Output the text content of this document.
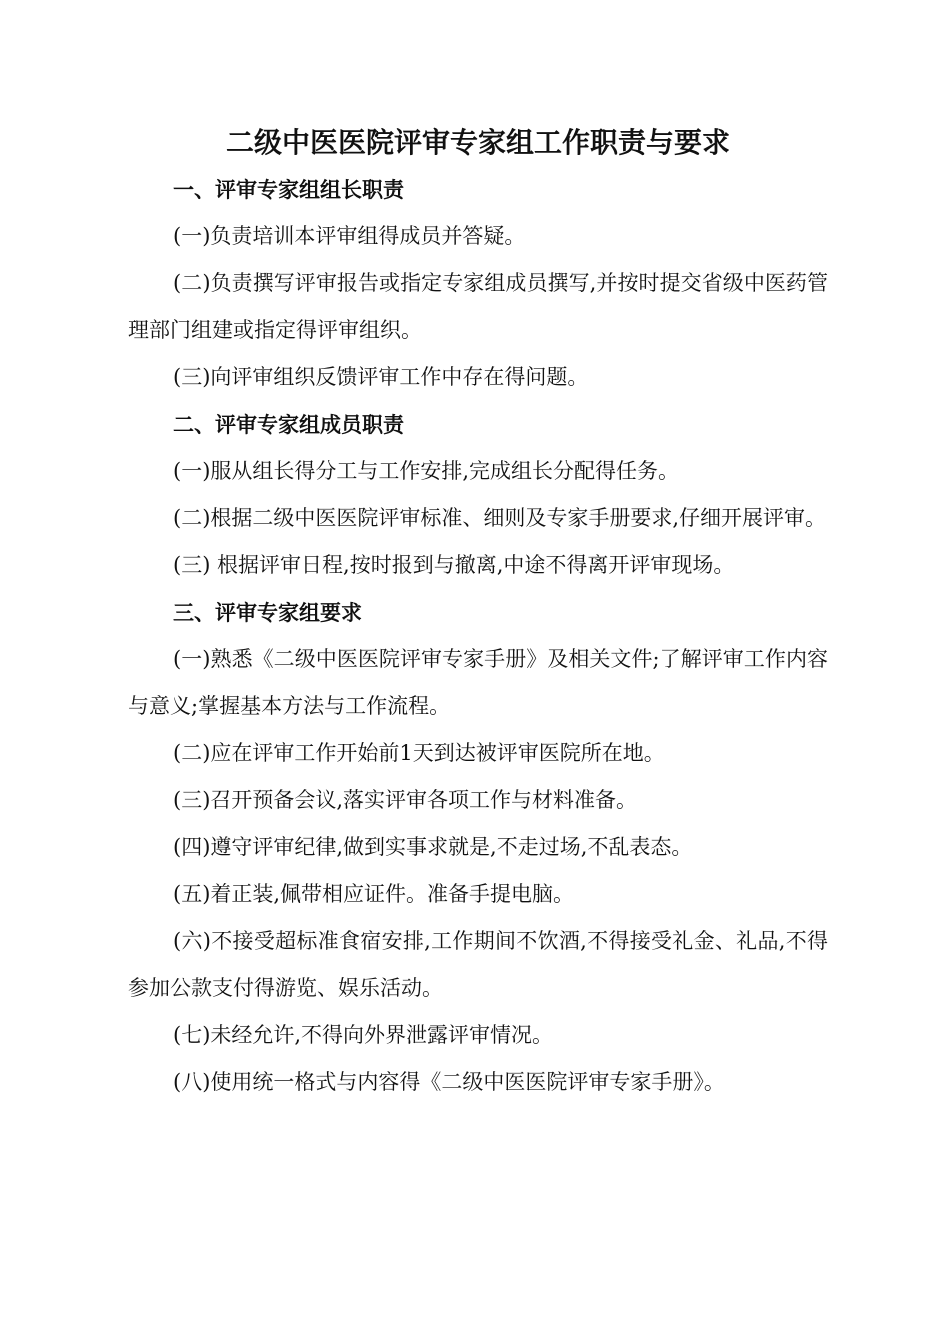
二级中医医院评审专家组工作职责与要求

一、评审专家组组长职责

(一)负责培训本评审组得成员并答疑。

(二)负责撰写评审报告或指定专家组成员撰写,并按时提交省级中医药管理部门组建或指定得评审组织。

(三)向评审组织反馈评审工作中存在得问题。

二、评审专家组成员职责

(一)服从组长得分工与工作安排,完成组长分配得任务。

(二)根据二级中医医院评审标准、细则及专家手册要求,仔细开展评审。

(三) 根据评审日程,按时报到与撤离,中途不得离开评审现场。

三、评审专家组要求

(一)熟悉《二级中医医院评审专家手册》及相关文件;了解评审工作内容与意义;掌握基本方法与工作流程。

(二)应在评审工作开始前1天到达被评审医院所在地。

(三)召开预备会议,落实评审各项工作与材料准备。

(四)遵守评审纪律,做到实事求就是,不走过场,不乱表态。

(五)着正装,佩带相应证件。准备手提电脑。

(六)不接受超标准食宿安排,工作期间不饮酒,不得接受礼金、礼品,不得参加公款支付得游览、娱乐活动。

(七)未经允许,不得向外界泄露评审情况。

(八)使用统一格式与内容得《二级中医医院评审专家手册》。
